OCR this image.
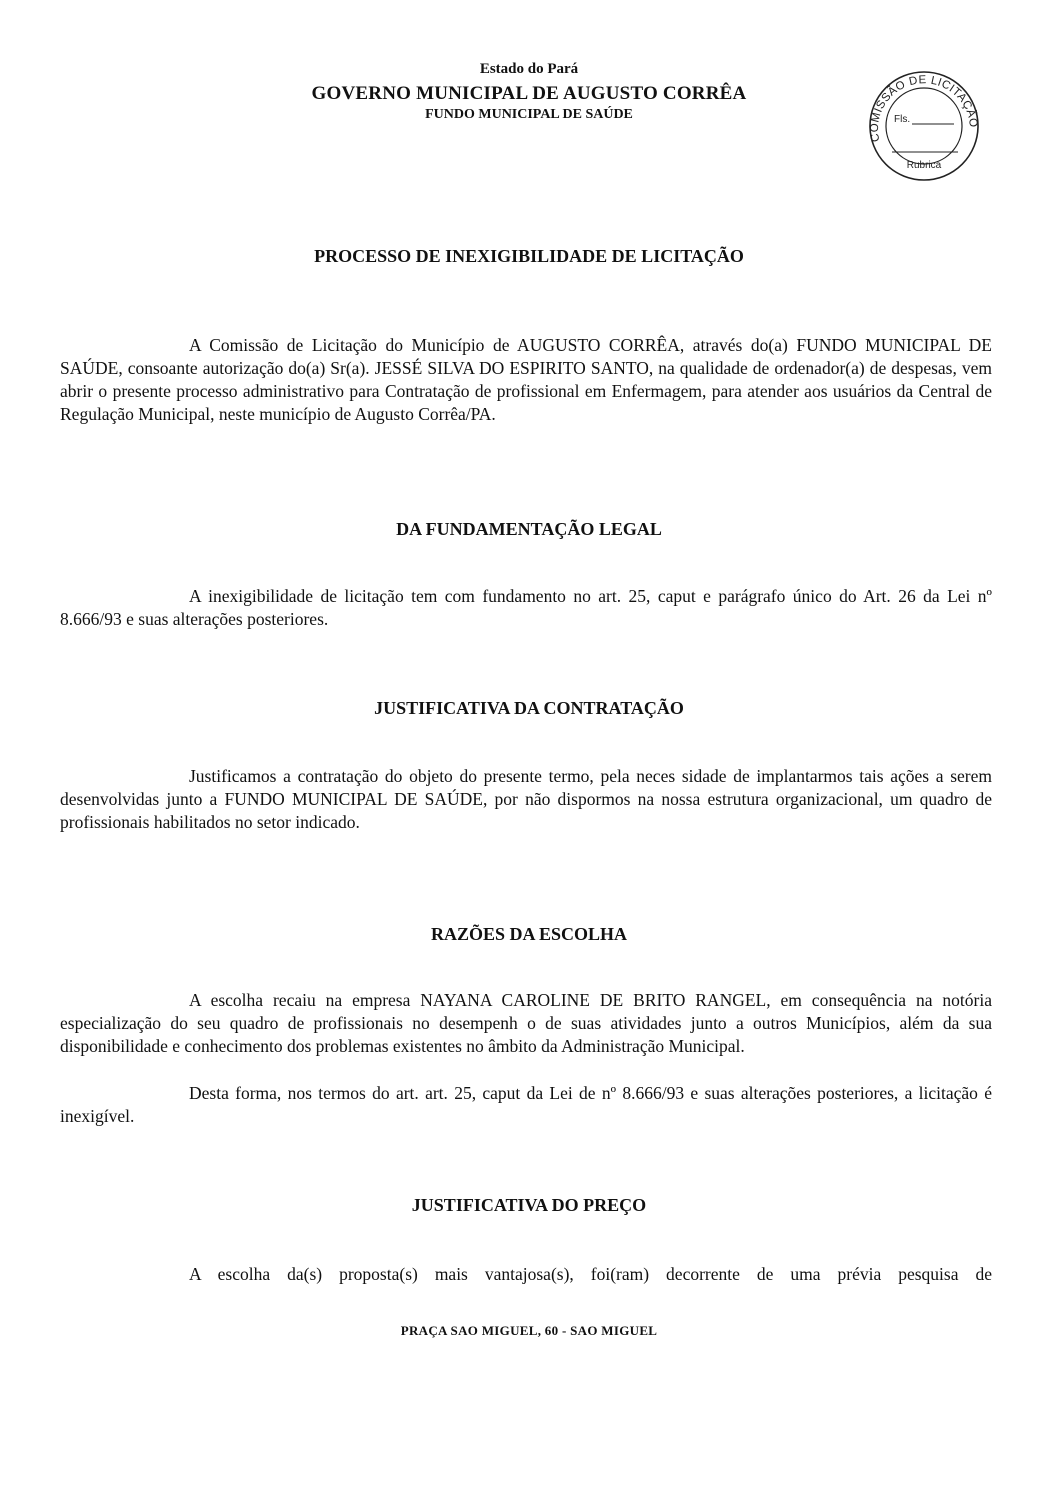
Estado do Pará
GOVERNO MUNICIPAL DE AUGUSTO CORRÊA
FUNDO MUNICIPAL DE SAÚDE
COMISSÃO DE LICITAÇÃO
Fls.
Rubrica
PROCESSO DE INEXIGIBILIDADE DE LICITAÇÃO

A Comissão de Licitação do Município de AUGUSTO CORRÊA, através do(a) FUNDO MUNICIPAL DE SAÚDE, consoante autorização do(a) Sr(a). JESSÉ SILVA DO ESPIRITO SANTO, na qualidade de ordenador(a) de despesas, vem abrir o presente processo administrativo para Contratação de profissional em Enfermagem, para atender aos usuários da Central de Regulação Municipal, neste município de Augusto Corrêa/PA.

DA FUNDAMENTAÇÃO LEGAL

A inexigibilidade de licitação tem com fundamento no art. 25, caput e parágrafo único do Art. 26 da Lei nº 8.666/93 e suas alterações posteriores.

JUSTIFICATIVA DA CONTRATAÇÃO

Justificamos a contratação do objeto do presente termo, pela neces sidade de implantarmos tais ações a serem desenvolvidas junto a FUNDO MUNICIPAL DE SAÚDE, por não dispormos na nossa estrutura organizacional, um quadro de profissionais habilitados no setor indicado.

RAZÕES DA ESCOLHA

A escolha recaiu na empresa NAYANA CAROLINE DE BRITO RANGEL, em consequência na notória especialização do seu quadro de profissionais no desempenh o de suas atividades junto a outros Municípios, além da sua disponibilidade e conhecimento dos problemas existentes no âmbito da Administração Municipal.

Desta forma, nos termos do art. art. 25, caput da Lei de nº 8.666/93 e suas alterações posteriores, a licitação é inexigível.

JUSTIFICATIVA DO PREÇO

A escolha da(s) proposta(s) mais vantajosa(s), foi(ram) decorrente de uma prévia pesquisa de

PRAÇA SAO MIGUEL, 60 - SAO MIGUEL
